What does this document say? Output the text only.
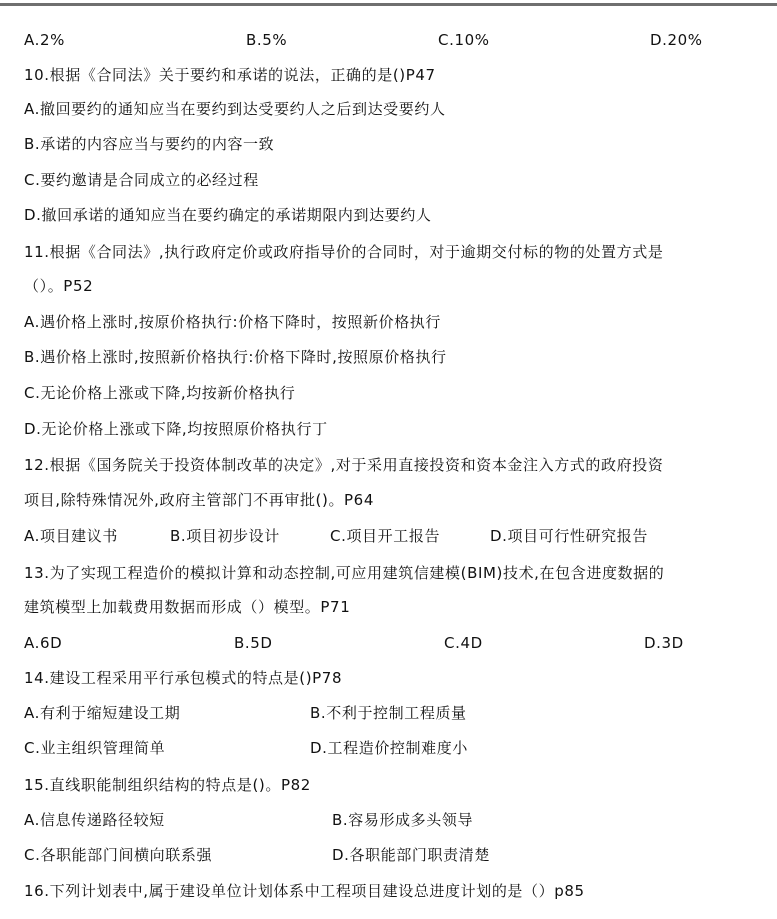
A.2%	B.5%	C.10%	D.20%
10.根据《合同法》关于要约和承诺的说法，正确的是()P47
A.撤回要约的通知应当在要约到达受要约人之后到达受要约人
B.承诺的内容应当与要约的内容一致
C.要约邀请是合同成立的必经过程
D.撤回承诺的通知应当在要约确定的承诺期限内到达要约人
11.根据《合同法》,执行政府定价或政府指导价的合同时，对于逾期交付标的物的处置方式是
（）。P52
A.遇价格上涨时,按原价格执行:价格下降时，按照新价格执行
B.遇价格上涨时,按照新价格执行:价格下降时,按照原价格执行
C.无论价格上涨或下降,均按新价格执行
D.无论价格上涨或下降,均按照原价格执行丁
12.根据《国务院关于投资体制改革的决定》,对于采用直接投资和资本金注入方式的政府投资
项目,除特殊情况外,政府主管部门不再审批()。P64
A.项目建议书	B.项目初步设计	C.项目开工报告	D.项目可行性研究报告
13.为了实现工程造价的模拟计算和动态控制,可应用建筑信建模(BIM)技术,在包含进度数据的
建筑模型上加载费用数据而形成（）模型。P71
A.6D	B.5D	C.4D	D.3D
14.建设工程采用平行承包模式的特点是()P78
A.有利于缩短建设工期	B.不利于控制工程质量
C.业主组织管理简单	D.工程造价控制难度小
15.直线职能制组织结构的特点是()。P82
A.信息传递路径较短	B.容易形成多头领导
C.各职能部门间横向联系强	D.各职能部门职责清楚
16.下列计划表中,属于建设单位计划体系中工程项目建设总进度计划的是（）p85
